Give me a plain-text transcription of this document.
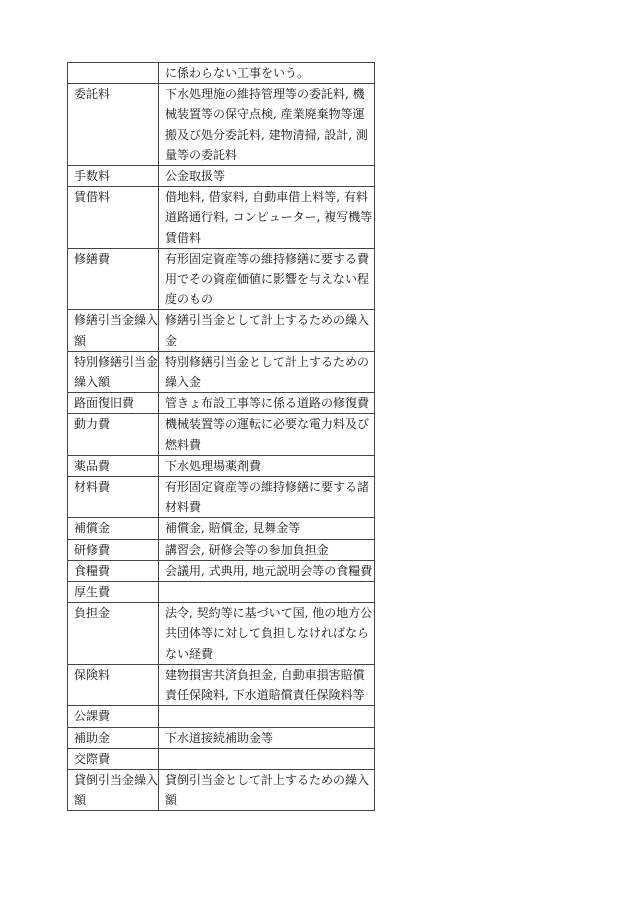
	に係わらない工事をいう。
委託料	下水処理施の維持管理等の委託料, 機械装置等の保守点検, 産業廃棄物等運搬及び処分委託料, 建物清掃, 設計, 測量等の委託料
手数料	公金取扱等
賃借料	借地料, 借家料, 自動車借上料等, 有料道路通行料, コンピューター, 複写機等賃借料
修繕費	有形固定資産等の維持修繕に要する費用でその資産価値に影響を与えない程度のもの
修繕引当金繰入額	修繕引当金として計上するための繰入金
特別修繕引当金繰入額	特別修繕引当金として計上するための繰入金
路面復旧費	管きょ布設工事等に係る道路の修復費
動力費	機械装置等の運転に必要な電力料及び燃料費
薬品費	下水処理場薬剤費
材料費	有形固定資産等の維持修繕に要する諸材料費
補償金	補償金, 賠償金, 見舞金等
研修費	講習会, 研修会等の参加負担金
食糧費	会議用, 式典用, 地元説明会等の食糧費
厚生費	
負担金	法令, 契約等に基づいて国, 他の地方公共団体等に対して負担しなければならない経費
保険料	建物損害共済負担金, 自動車損害賠償責任保険料, 下水道賠償責任保険料等
公課費	
補助金	下水道接続補助金等
交際費	
貸倒引当金繰入額	貸倒引当金として計上するための繰入額
